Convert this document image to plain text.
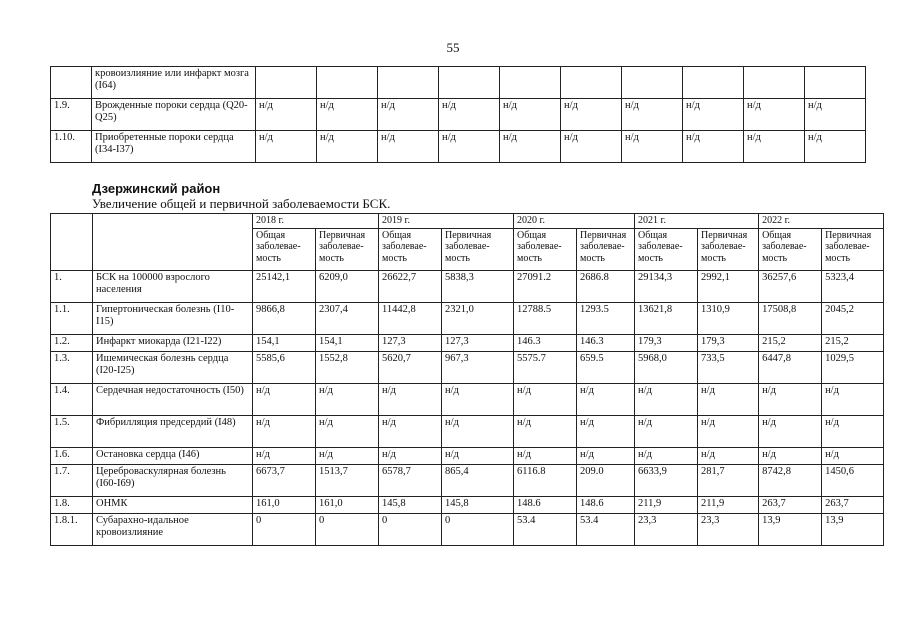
55
	кровоизлияние или инфаркт мозга (I64)										
1.9.	Врожденные пороки сердца (Q20-Q25)	н/д	н/д	н/д	н/д	н/д	н/д	н/д	н/д	н/д	н/д
1.10.	Приобретенные пороки сердца (I34-I37)	н/д	н/д	н/д	н/д	н/д	н/д	н/д	н/д	н/д	н/д
Дзержинский район
Увеличение общей и первичной заболеваемости БСК.
		2018 г.		2019 г.		2020 г.		2021 г.		2022 г.	
		Общая заболевае-мость	Первичная заболевае-мость	Общая заболевае-мость	Первичная заболевае-мость	Общая заболевае-мость	Первичная заболевае-мость	Общая заболевае-мость	Первичная заболевае-мость	Общая заболевае-мость	Первичная заболевае-мость
1.	БСК на 100000 взрослого населения	25142,1	6209,0	26622,7	5838,3	27091.2	2686.8	29134,3	2992,1	36257,6	5323,4
1.1.	Гипертоническая болезнь (I10-I15)	9866,8	2307,4	11442,8	2321,0	12788.5	1293.5	13621,8	1310,9	17508,8	2045,2
1.2.	Инфаркт миокарда (I21-I22)	154,1	154,1	127,3	127,3	146.3	146.3	179,3	179,3	215,2	215,2
1.3.	Ишемическая болезнь сердца (I20-I25)	5585,6	1552,8	5620,7	967,3	5575.7	659.5	5968,0	733,5	6447,8	1029,5
1.4.	Сердечная недостаточность (I50)	н/д	н/д	н/д	н/д	н/д	н/д	н/д	н/д	н/д	н/д
1.5.	Фибрилляция предсердий (I48)	н/д	н/д	н/д	н/д	н/д	н/д	н/д	н/д	н/д	н/д
1.6.	Остановка сердца (I46)	н/д	н/д	н/д	н/д	н/д	н/д	н/д	н/д	н/д	н/д
1.7.	Цереброваскулярная болезнь (I60-I69)	6673,7	1513,7	6578,7	865,4	6116.8	209.0	6633,9	281,7	8742,8	1450,6
1.8.	ОНМК	161,0	161,0	145,8	145,8	148.6	148.6	211,9	211,9	263,7	263,7
1.8.1.	Субарахно-идальное кровоизлияние	0	0	0	0	53.4	53.4	23,3	23,3	13,9	13,9
